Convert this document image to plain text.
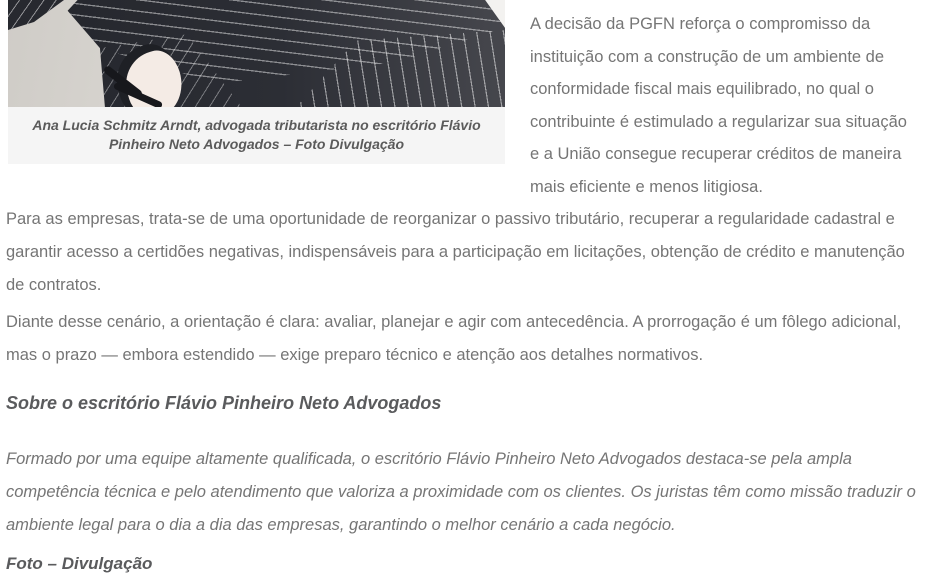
Ana Lucia Schmitz Arndt, advogada tributarista no escritório Flávio Pinheiro Neto Advogados – Foto Divulgação

A decisão da PGFN reforça o compromisso da instituição com a construção de um ambiente de conformidade fiscal mais equilibrado, no qual o contribuinte é estimulado a regularizar sua situação e a União consegue recuperar créditos de maneira mais eficiente e menos litigiosa.

Para as empresas, trata-se de uma oportunidade de reorganizar o passivo tributário, recuperar a regularidade cadastral e garantir acesso a certidões negativas, indispensáveis para a participação em licitações, obtenção de crédito e manutenção de contratos.

Diante desse cenário, a orientação é clara: avaliar, planejar e agir com antecedência. A prorrogação é um fôlego adicional, mas o prazo — embora estendido — exige preparo técnico e atenção aos detalhes normativos.

Sobre o escritório Flávio Pinheiro Neto Advogados

Formado por uma equipe altamente qualificada, o escritório Flávio Pinheiro Neto Advogados destaca-se pela ampla competência técnica e pelo atendimento que valoriza a proximidade com os clientes. Os juristas têm como missão traduzir o ambiente legal para o dia a dia das empresas, garantindo o melhor cenário a cada negócio.

Foto – Divulgação
